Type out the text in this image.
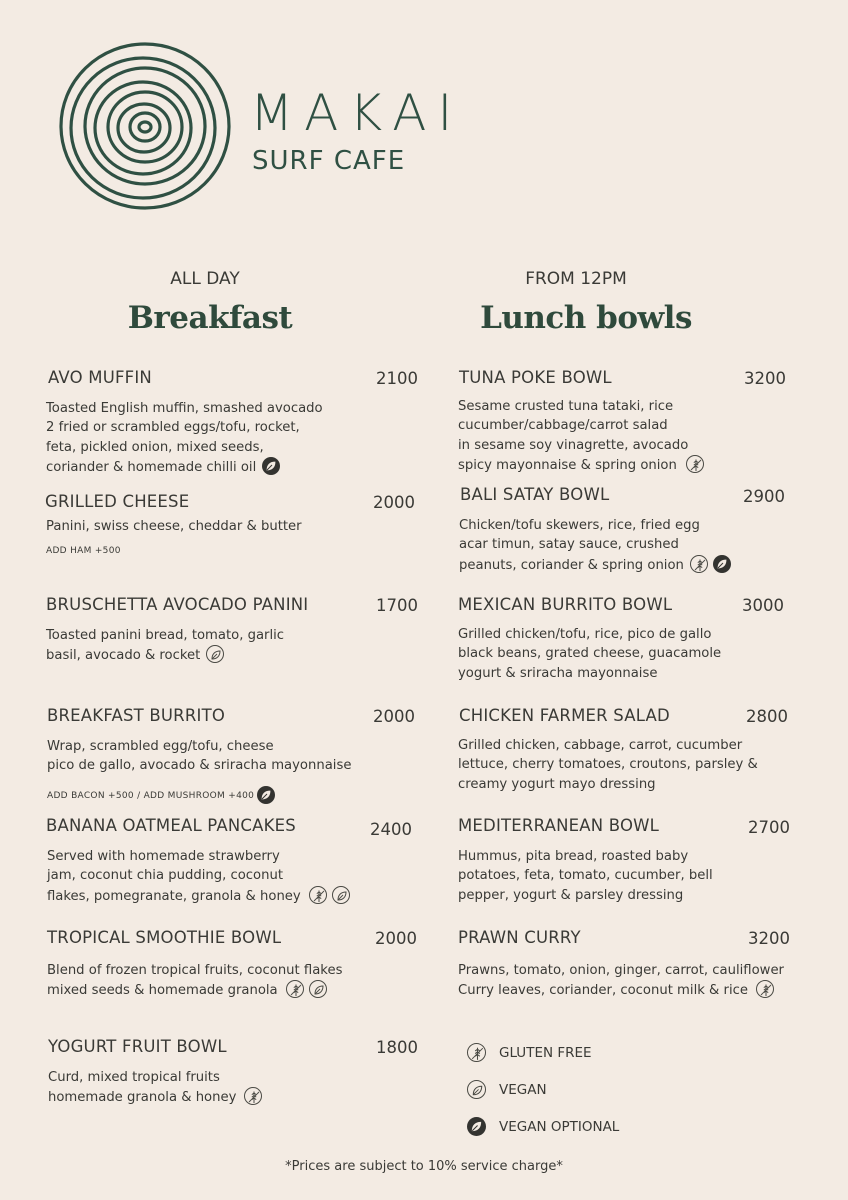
MAKAI
SURF CAFE
ALL DAY
Breakfast
FROM 12PM
Lunch bowls
AVO MUFFIN	2100
Toasted English muffin, smashed avocado
2 fried or scrambled eggs/tofu, rocket,
feta, pickled onion, mixed seeds,
coriander & homemade chilli oil
GRILLED CHEESE	2000
Panini, swiss cheese, cheddar & butter
ADD HAM +500
BRUSCHETTA AVOCADO PANINI	1700
Toasted panini bread, tomato, garlic
basil, avocado & rocket
BREAKFAST BURRITO	2000
Wrap, scrambled egg/tofu, cheese
pico de gallo, avocado & sriracha mayonnaise
ADD BACON +500 / ADD MUSHROOM +400
BANANA OATMEAL PANCAKES	2400
Served with homemade strawberry
jam, coconut chia pudding, coconut
flakes, pomegranate, granola & honey
TROPICAL SMOOTHIE BOWL	2000
Blend of frozen tropical fruits, coconut flakes
mixed seeds & homemade granola
YOGURT FRUIT BOWL	1800
Curd, mixed tropical fruits
homemade granola & honey
TUNA POKE BOWL	3200
Sesame crusted tuna tataki, rice
cucumber/cabbage/carrot salad
in sesame soy vinagrette, avocado
spicy mayonnaise & spring onion
BALI SATAY BOWL	2900
Chicken/tofu skewers, rice, fried egg
acar timun, satay sauce, crushed
peanuts, coriander & spring onion
MEXICAN BURRITO BOWL	3000
Grilled chicken/tofu, rice, pico de gallo
black beans, grated cheese, guacamole
yogurt & sriracha mayonnaise
CHICKEN FARMER SALAD	2800
Grilled chicken, cabbage, carrot, cucumber
lettuce, cherry tomatoes, croutons, parsley &
creamy yogurt mayo dressing
MEDITERRANEAN BOWL	2700
Hummus, pita bread, roasted baby
potatoes, feta, tomato, cucumber, bell
pepper, yogurt & parsley dressing
PRAWN CURRY	3200
Prawns, tomato, onion, ginger, carrot, cauliflower
Curry leaves, coriander, coconut milk & rice
GLUTEN FREE
VEGAN
VEGAN OPTIONAL
*Prices are subject to 10% service charge*
